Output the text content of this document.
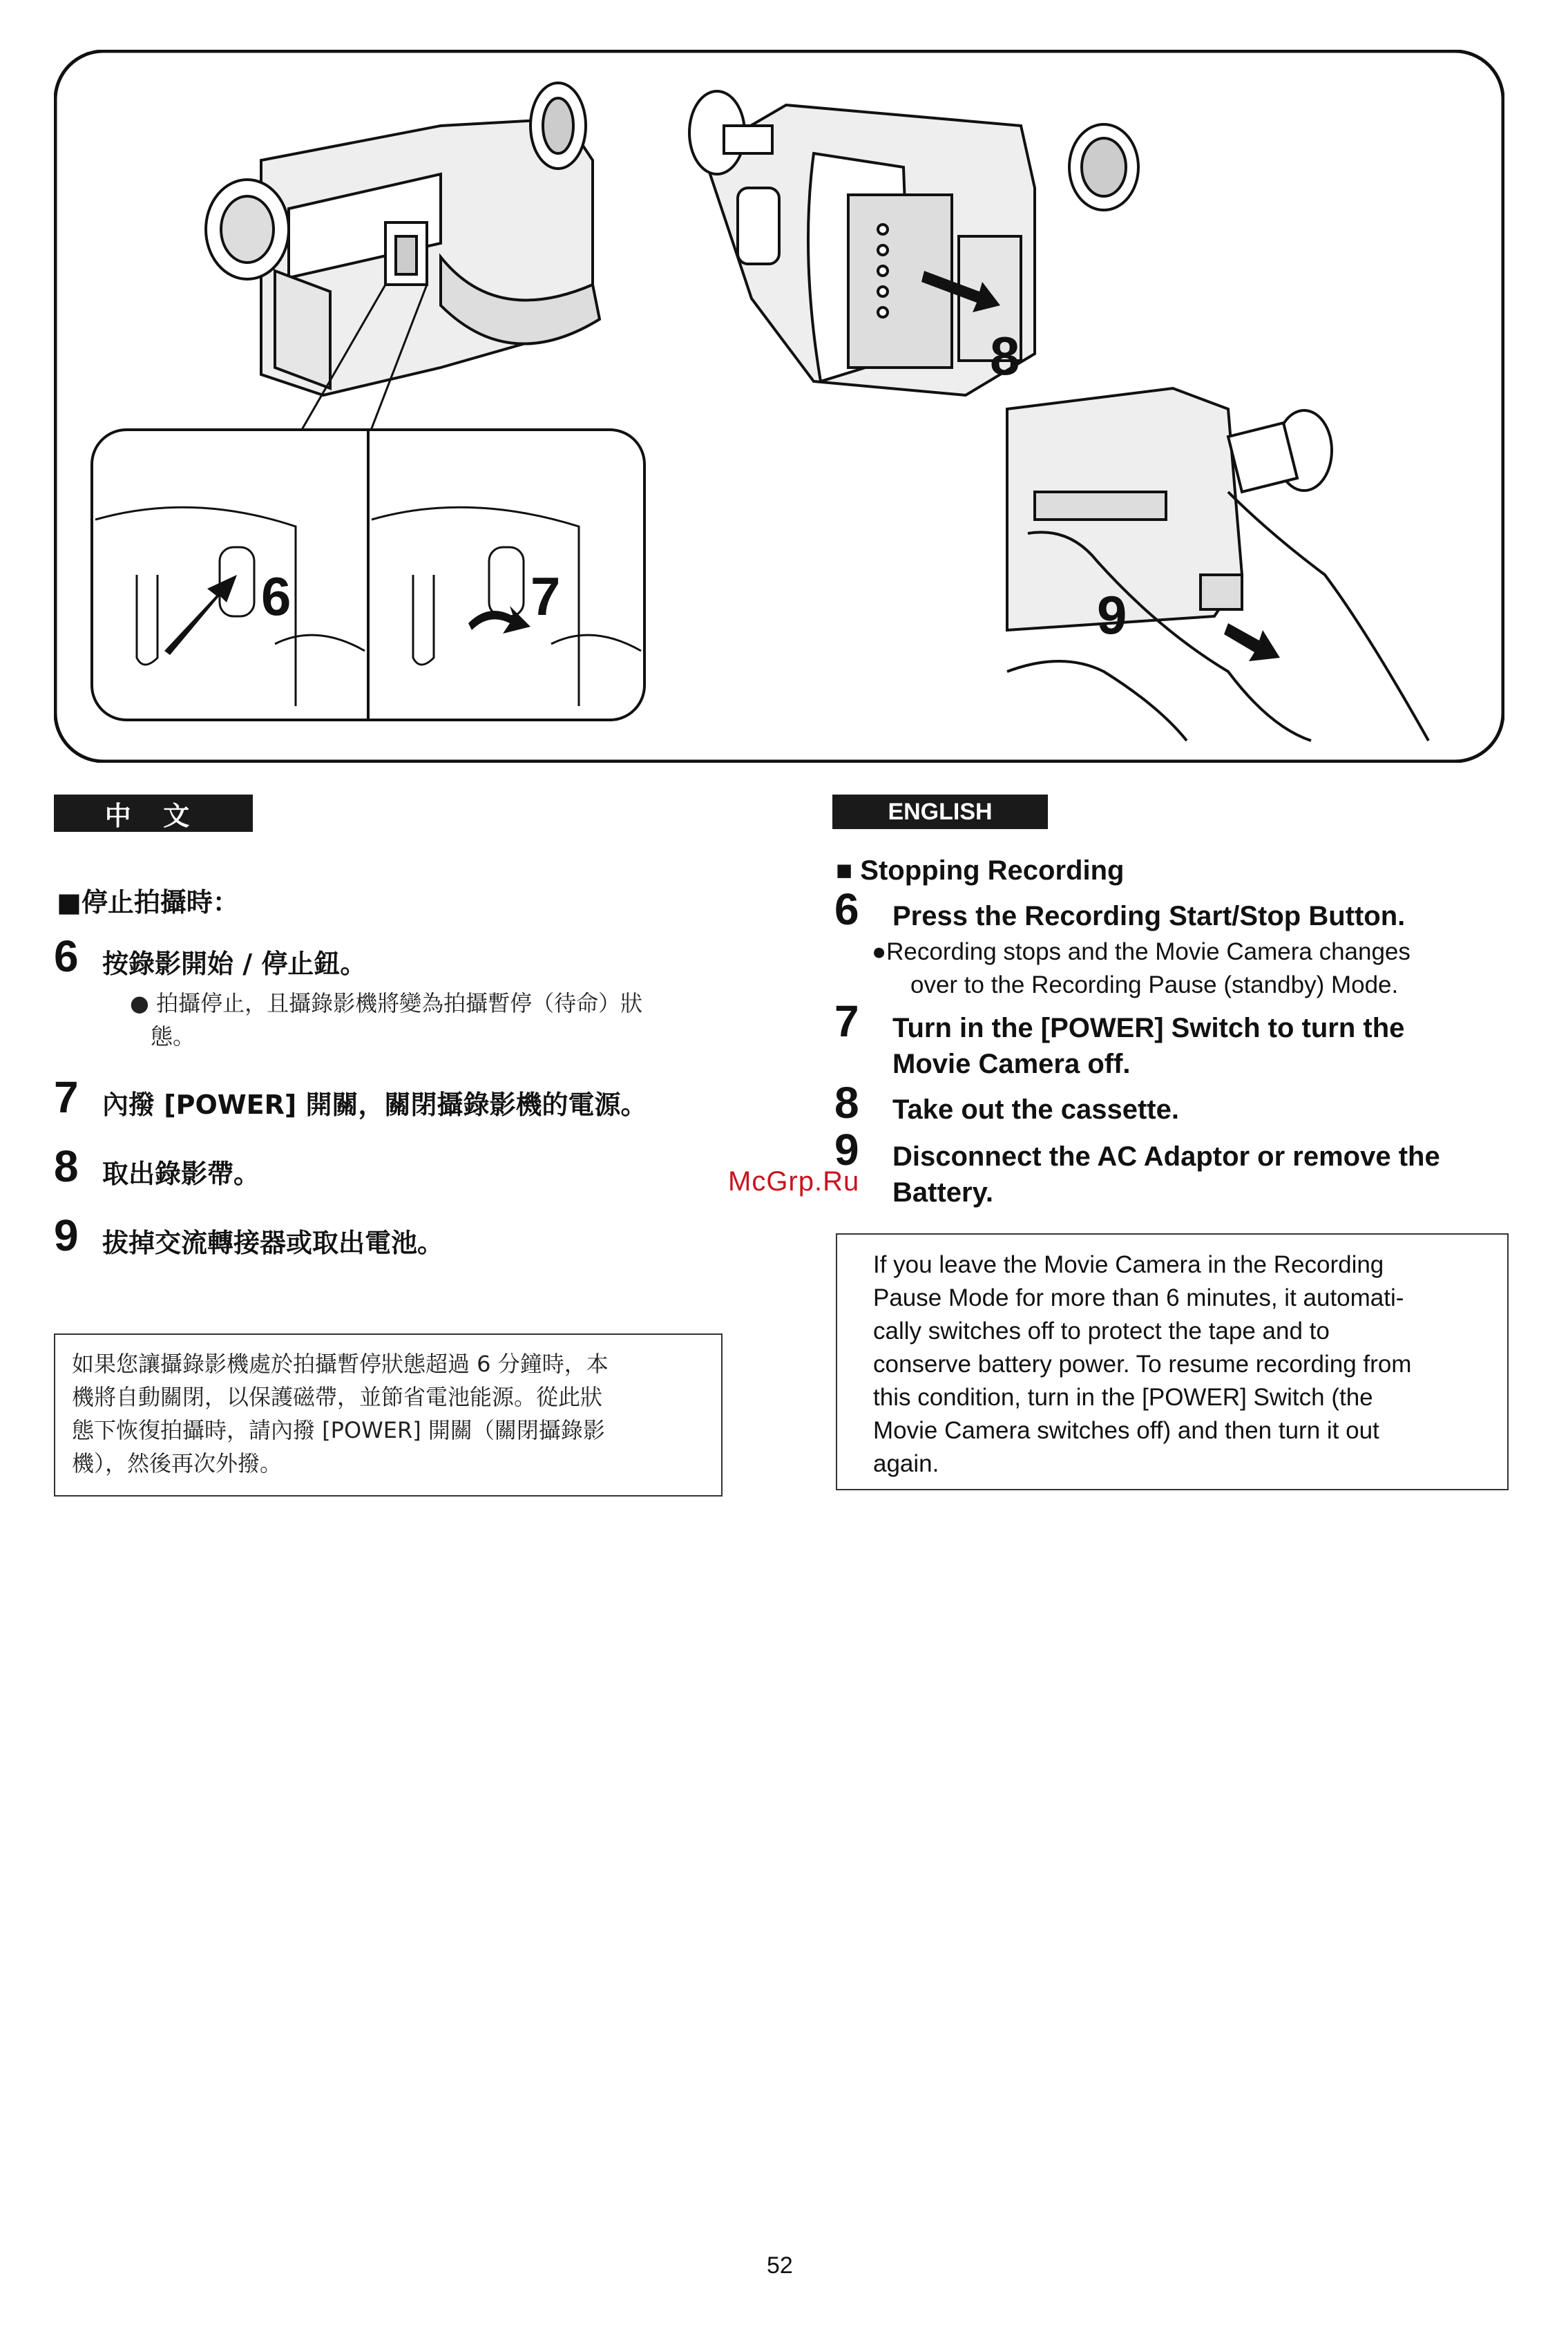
6	7
8
9
中 文
■停止拍攝時：
6 按錄影開始 / 停止鈕。
● 拍攝停止，且攝錄影機將變為拍攝暫停（待命）狀
態。
7 內撥 [POWER] 開關，關閉攝錄影機的電源。
8 取出錄影帶。
9 拔掉交流轉接器或取出電池。
如果您讓攝錄影機處於拍攝暫停狀態超過 6 分鐘時，本
機將自動關閉，以保護磁帶，並節省電池能源。從此狀
態下恢復拍攝時，請內撥 [POWER] 開關（關閉攝錄影
機），然後再次外撥。
McGrp.Ru
ENGLISH
■ Stopping Recording
6 Press the Recording Start/Stop Button.
●Recording stops and the Movie Camera changes
over to the Recording Pause (standby) Mode.
7 Turn in the [POWER] Switch to turn the
Movie Camera off.
8 Take out the cassette.
9 Disconnect the AC Adaptor or remove the
Battery.
If you leave the Movie Camera in the Recording
Pause Mode for more than 6 minutes, it automati-
cally switches off to protect the tape and to
conserve battery power. To resume recording from
this condition, turn in the [POWER] Switch (the
Movie Camera switches off) and then turn it out
again.
52
